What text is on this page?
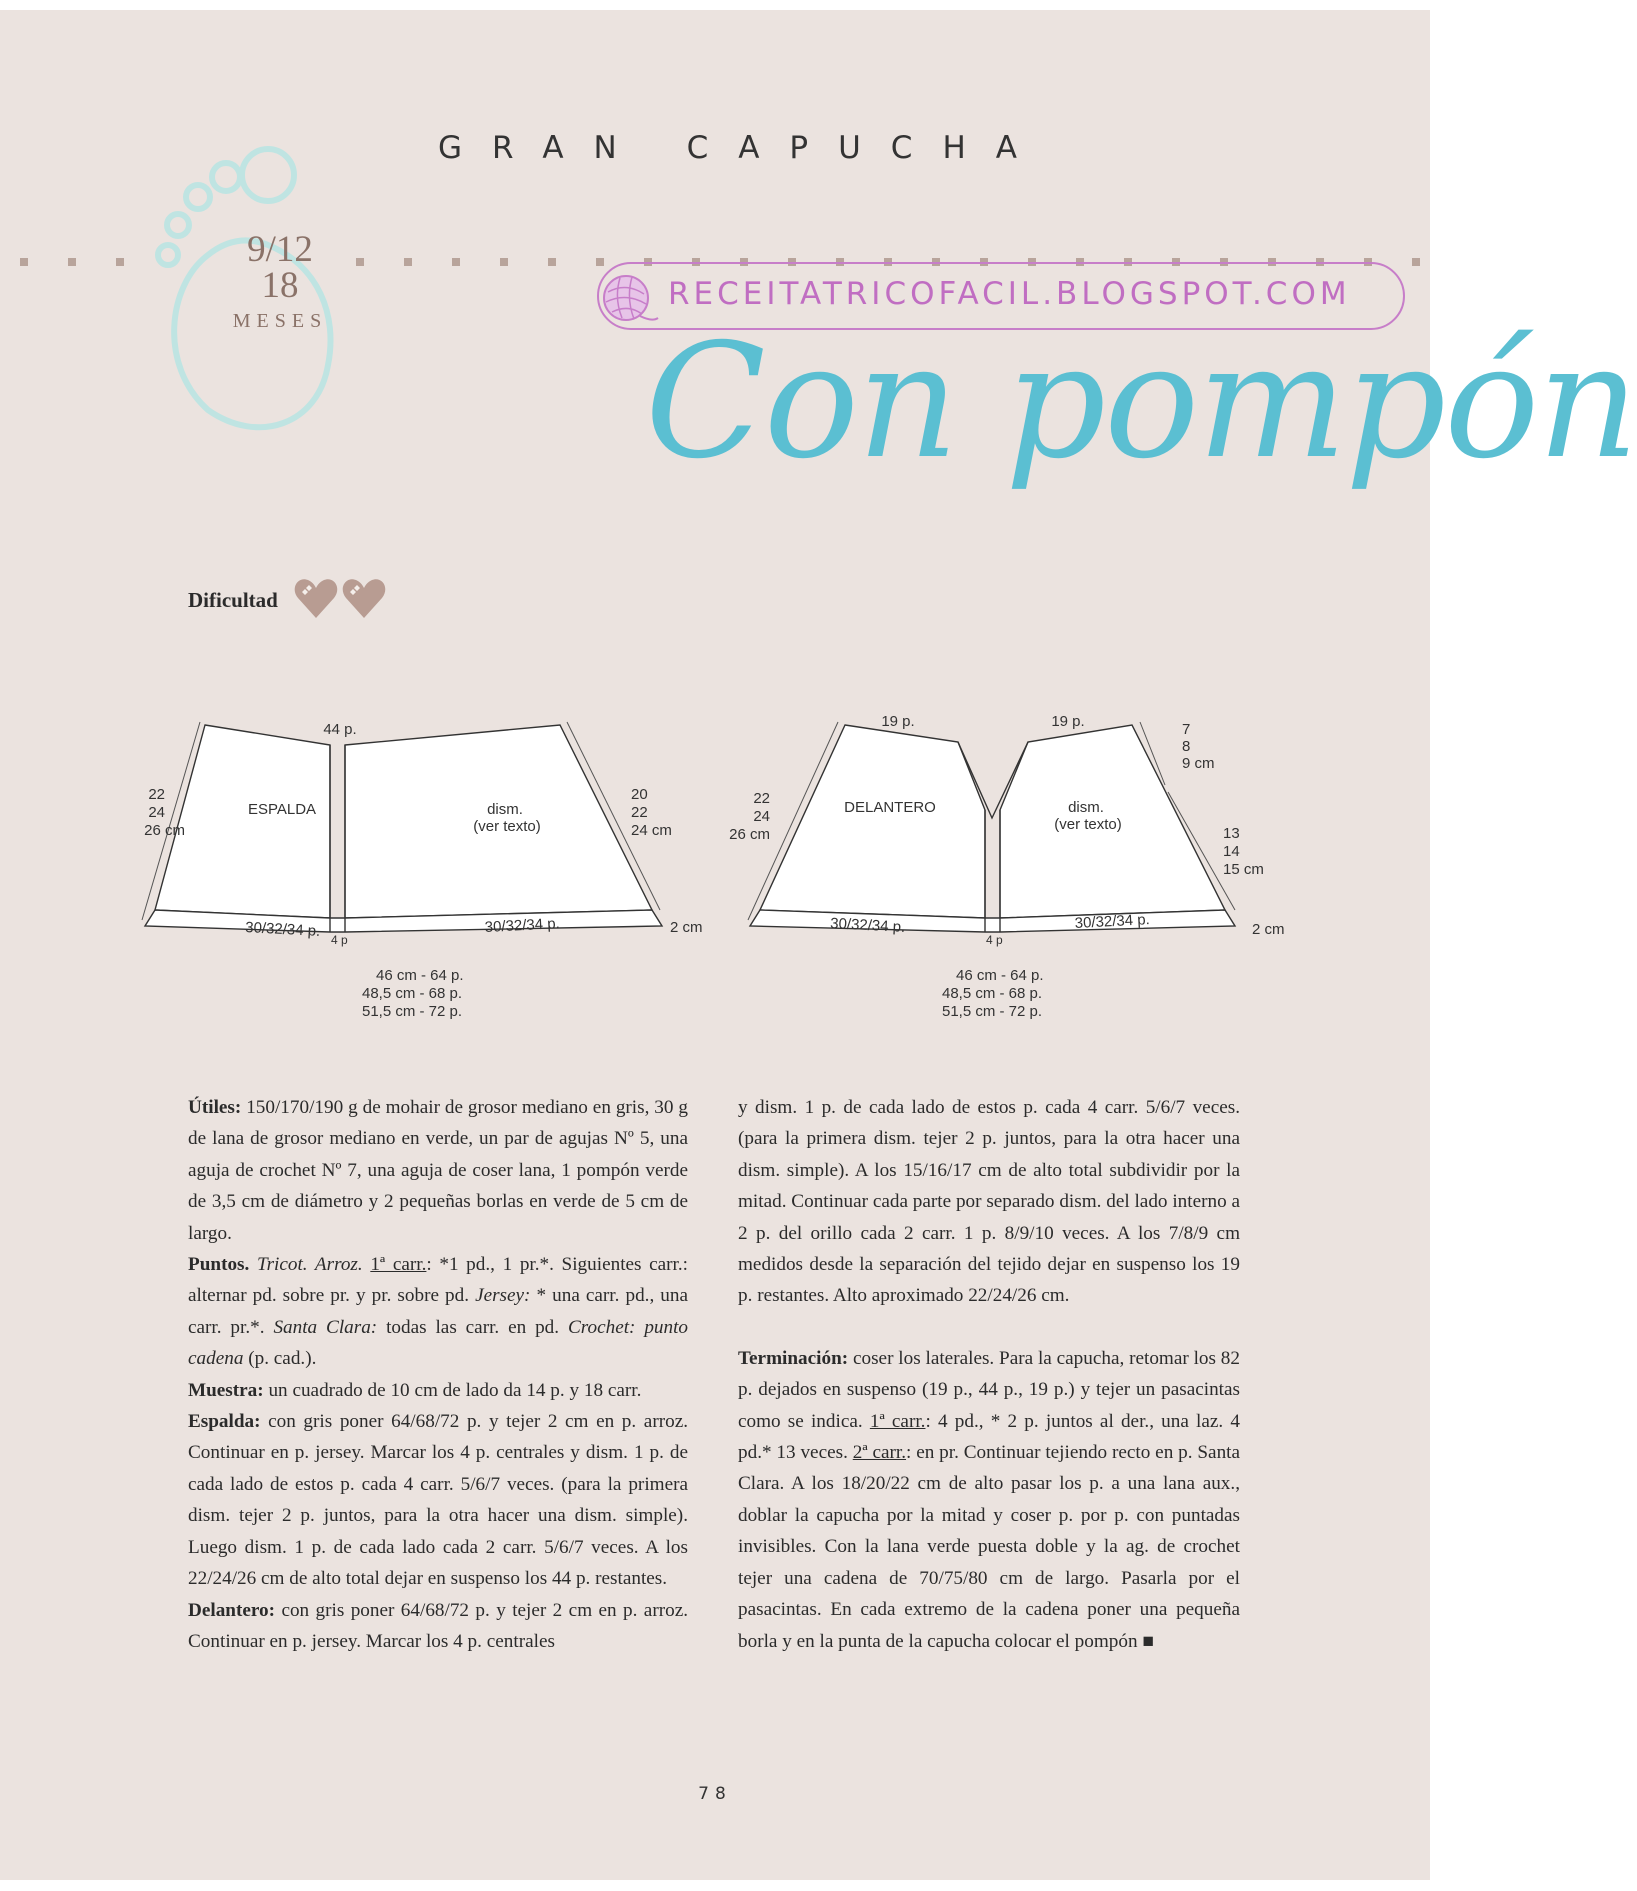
GRAN CAPUCHA
9/12
18
MESES
RECEITATRICOFACIL.BLOGSPOT.COM
Con pompón
Dificultad
44 p.
22
24
26 cm
ESPALDA	dism.
(ver texto)
20
22
24 cm
30/32/34 p.	30/32/34 p.
4 p
2 cm
46 cm - 64 p.
48,5 cm - 68 p.
51,5 cm - 72 p.
19 p.	19 p.
22
24
26 cm
DELANTERO	dism.
(ver texto)
7
8
9 cm
13
14
15 cm
30/32/34 p.	30/32/34 p.
4 p
2 cm
46 cm - 64 p.
48,5 cm - 68 p.
51,5 cm - 72 p.

Útiles: 150/170/190 g de mohair de grosor mediano en gris, 30 g de lana de grosor mediano en verde, un par de agujas Nº 5, una aguja de crochet Nº 7, una aguja de coser lana, 1 pompón verde de 3,5 cm de diámetro y 2 pequeñas borlas en verde de 5 cm de largo.

Puntos. Tricot. Arroz. 1ª carr.: *1 pd., 1 pr.*. Siguientes carr.: alternar pd. sobre pr. y pr. sobre pd. Jersey: * una carr. pd., una carr. pr.*. Santa Clara: todas las carr. en pd. Crochet: punto cadena (p. cad.).

Muestra: un cuadrado de 10 cm de lado da 14 p. y 18 carr.

Espalda: con gris poner 64/68/72 p. y tejer 2 cm en p. arroz. Continuar en p. jersey. Marcar los 4 p. centrales y dism. 1 p. de cada lado de estos p. cada 4 carr. 5/6/7 veces. (para la primera dism. tejer 2 p. juntos, para la otra hacer una dism. simple). Luego dism. 1 p. de cada lado cada 2 carr. 5/6/7 veces. A los 22/24/26 cm de alto total dejar en suspenso los 44 p. restantes.

Delantero: con gris poner 64/68/72 p. y tejer 2 cm en p. arroz. Continuar en p. jersey. Marcar los 4 p. centrales

y dism. 1 p. de cada lado de estos p. cada 4 carr. 5/6/7 veces. (para la primera dism. tejer 2 p. juntos, para la otra hacer una dism. simple). A los 15/16/17 cm de alto total subdividir por la mitad. Continuar cada parte por separado dism. del lado interno a 2 p. del orillo cada 2 carr. 1 p. 8/9/10 veces. A los 7/8/9 cm medidos desde la separación del tejido dejar en suspenso los 19 p. restantes. Alto aproximado 22/24/26 cm.

Terminación: coser los laterales. Para la capucha, retomar los 82 p. dejados en suspenso (19 p., 44 p., 19 p.) y tejer un pasacintas como se indica. 1ª carr.: 4 pd., * 2 p. juntos al der., una laz. 4 pd.* 13 veces. 2ª carr.: en pr. Continuar tejiendo recto en p. Santa Clara. A los 18/20/22 cm de alto pasar los p. a una lana aux., doblar la capucha por la mitad y coser p. por p. con puntadas invisibles. Con la lana verde puesta doble y la ag. de crochet tejer una cadena de 70/75/80 cm de largo. Pasarla por el pasacintas. En cada extremo de la cadena poner una pequeña borla y en la punta de la capucha colocar el pompón ■

78
